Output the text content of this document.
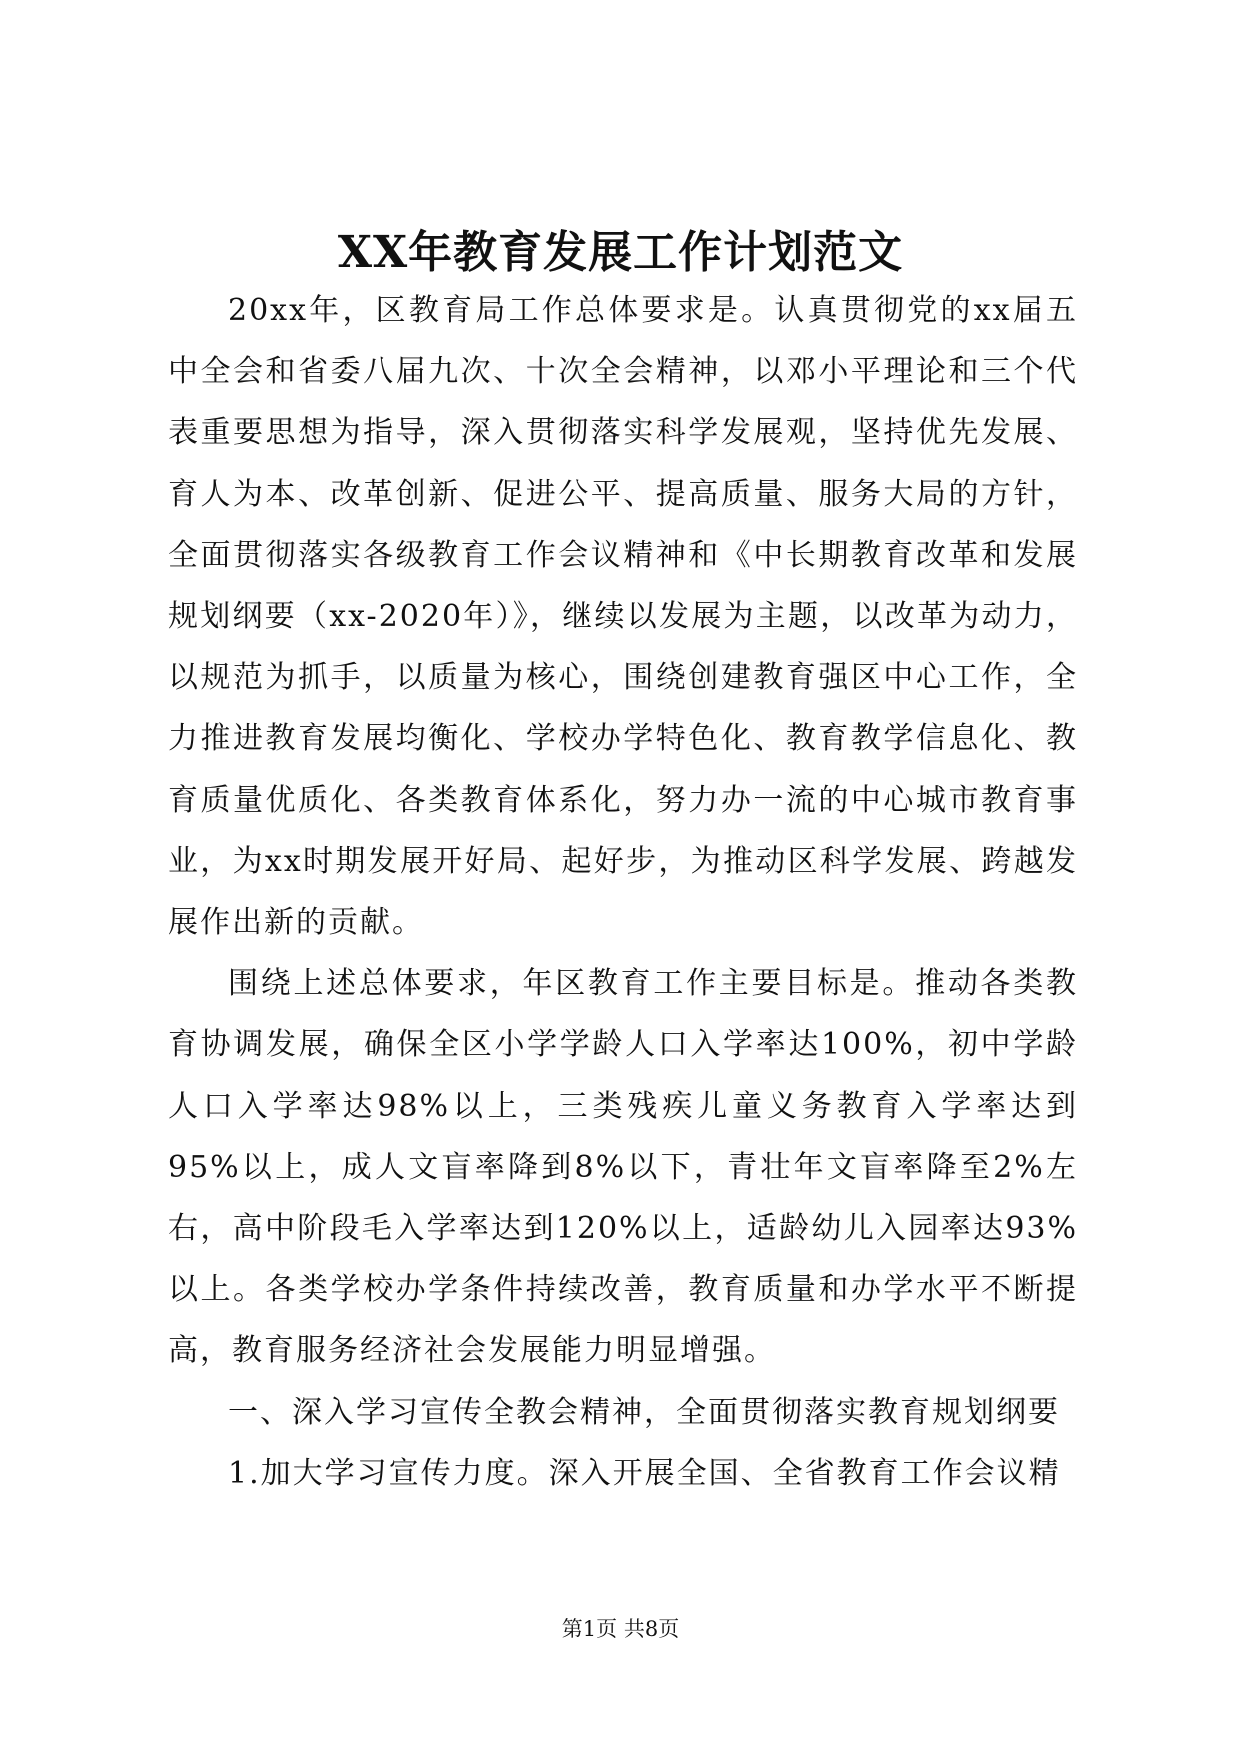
XX年教育发展工作计划范文

20xx年，区教育局工作总体要求是。认真贯彻党的xx届五中全会和省委八届九次、十次全会精神，以邓小平理论和三个代表重要思想为指导，深入贯彻落实科学发展观，坚持优先发展、育人为本、改革创新、促进公平、提高质量、服务大局的方针，全面贯彻落实各级教育工作会议精神和《中长期教育改革和发展规划纲要（xx-2020年）》，继续以发展为主题，以改革为动力，以规范为抓手，以质量为核心，围绕创建教育强区中心工作，全力推进教育发展均衡化、学校办学特色化、教育教学信息化、教育质量优质化、各类教育体系化，努力办一流的中心城市教育事业，为xx时期发展开好局、起好步，为推动区科学发展、跨越发展作出新的贡献。

围绕上述总体要求，年区教育工作主要目标是。推动各类教育协调发展，确保全区小学学龄人口入学率达100%，初中学龄人口入学率达98%以上，三类残疾儿童义务教育入学率达到95%以上，成人文盲率降到8%以下，青壮年文盲率降至2%左右，高中阶段毛入学率达到120%以上，适龄幼儿入园率达93%以上。各类学校办学条件持续改善，教育质量和办学水平不断提高，教育服务经济社会发展能力明显增强。

一、深入学习宣传全教会精神，全面贯彻落实教育规划纲要

1.加大学习宣传力度。深入开展全国、全省教育工作会议精

第1页 共8页
